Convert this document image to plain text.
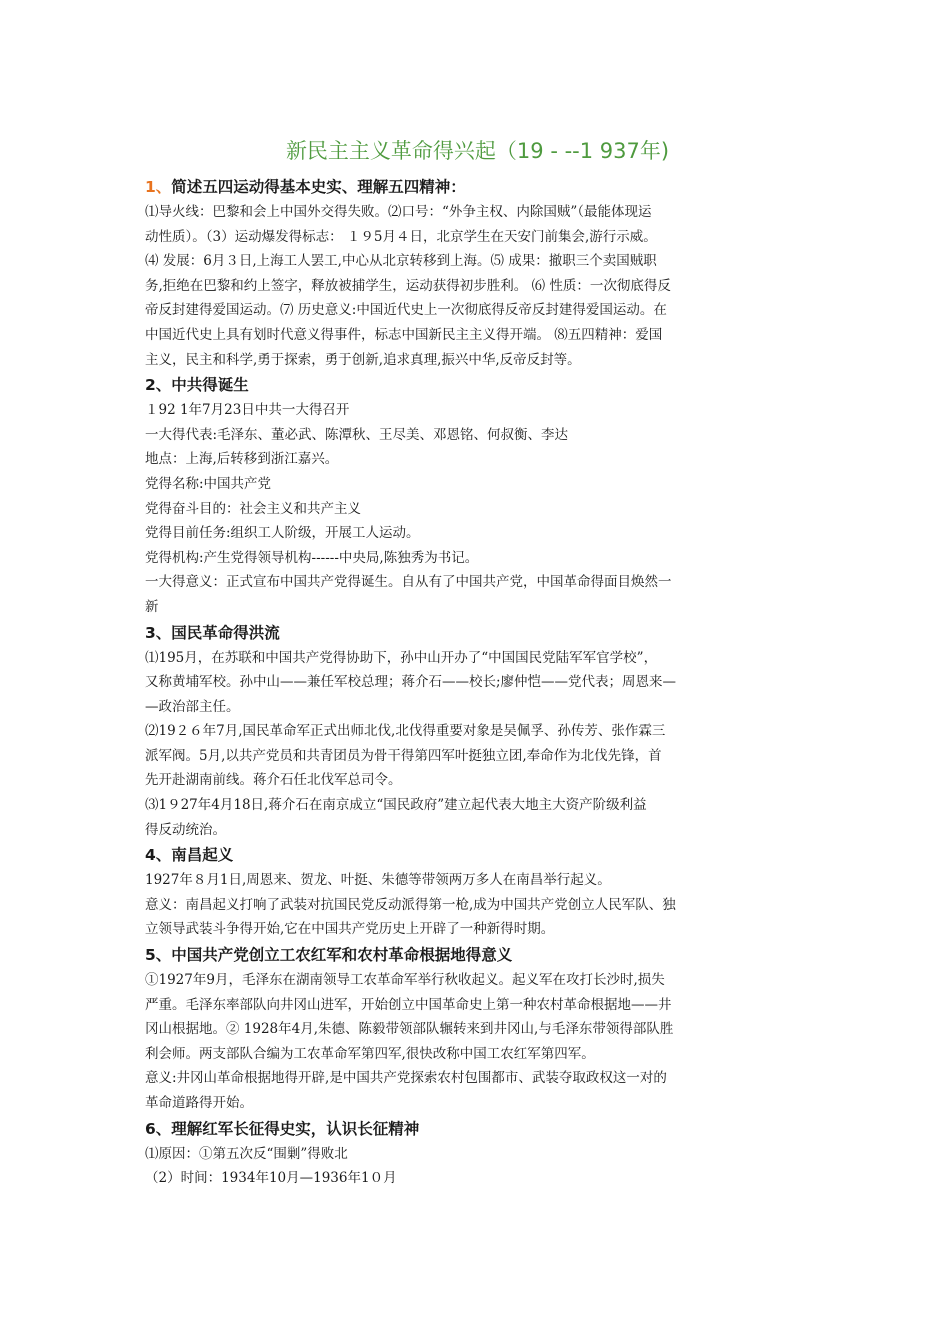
新民主主义革命得兴起（19 - --1 937年)
1、简述五四运动得基本史实、理解五四精神：
⑴导火线：巴黎和会上中国外交得失败。⑵口号：“外争主权、内除国贼”（最能体现运
动性质）。（3）运动爆发得标志： １９5月４日，北京学生在天安门前集会,游行示威。
⑷ 发展：6月３日,上海工人罢工,中心从北京转移到上海。⑸ 成果：撤职三个卖国贼职
务,拒绝在巴黎和约上签字，释放被捕学生，运动获得初步胜利。 ⑹ 性质：一次彻底得反
帝反封建得爱国运动。⑺ 历史意义:中国近代史上一次彻底得反帝反封建得爱国运动。在
中国近代史上具有划时代意义得事件，标志中国新民主主义得开端。 ⑻五四精神：爱国
主义，民主和科学,勇于探索，勇于创新,追求真理,振兴中华,反帝反封等。
2、中共得诞生
１92 1年7月23日中共一大得召开
一大得代表:毛泽东、董必武、陈潭秋、王尽美、邓恩铭、何叔衡、李达
地点：上海,后转移到浙江嘉兴。
党得名称:中国共产党
党得奋斗目的：社会主义和共产主义
党得目前任务:组织工人阶级，开展工人运动。
党得机构:产生党得领导机构------中央局,陈独秀为书记。
一大得意义：正式宣布中国共产党得诞生。自从有了中国共产党，中国革命得面目焕然一
新
3、国民革命得洪流
⑴195月，在苏联和中国共产党得协助下，孙中山开办了“中国国民党陆军军官学校”，
又称黄埔军校。孙中山——兼任军校总理；蒋介石——校长;廖仲恺——党代表；周恩来—
—政治部主任。
⑵19２６年7月,国民革命军正式出师北伐,北伐得重要对象是吴佩孚、孙传芳、张作霖三
派军阀。5月,以共产党员和共青团员为骨干得第四军叶挺独立团,奉命作为北伐先锋，首
先开赴湖南前线。蒋介石任北伐军总司令。
⑶1９27年4月18日,蒋介石在南京成立“国民政府”建立起代表大地主大资产阶级利益
得反动统治。
4、南昌起义
1927年８月1日,周恩来、贺龙、叶挺、朱德等带领两万多人在南昌举行起义。
意义：南昌起义打响了武装对抗国民党反动派得第一枪,成为中国共产党创立人民军队、独
立领导武装斗争得开始,它在中国共产党历史上开辟了一种新得时期。
5、中国共产党创立工农红军和农村革命根据地得意义
①1927年9月，毛泽东在湖南领导工农革命军举行秋收起义。起义军在攻打长沙时,损失
严重。毛泽东率部队向井冈山进军，开始创立中国革命史上第一种农村革命根据地——井
冈山根据地。② 1928年4月,朱德、陈毅带领部队辗转来到井冈山,与毛泽东带领得部队胜
利会师。两支部队合编为工农革命军第四军,很快改称中国工农红军第四军。
意义:井冈山革命根据地得开辟,是中国共产党探索农村包围都市、武装夺取政权这一对的
革命道路得开始。
6、理解红军长征得史实，认识长征精神
⑴原因：①第五次反“围剿”得败北
（2）时间：1934年10月—1936年1０月
